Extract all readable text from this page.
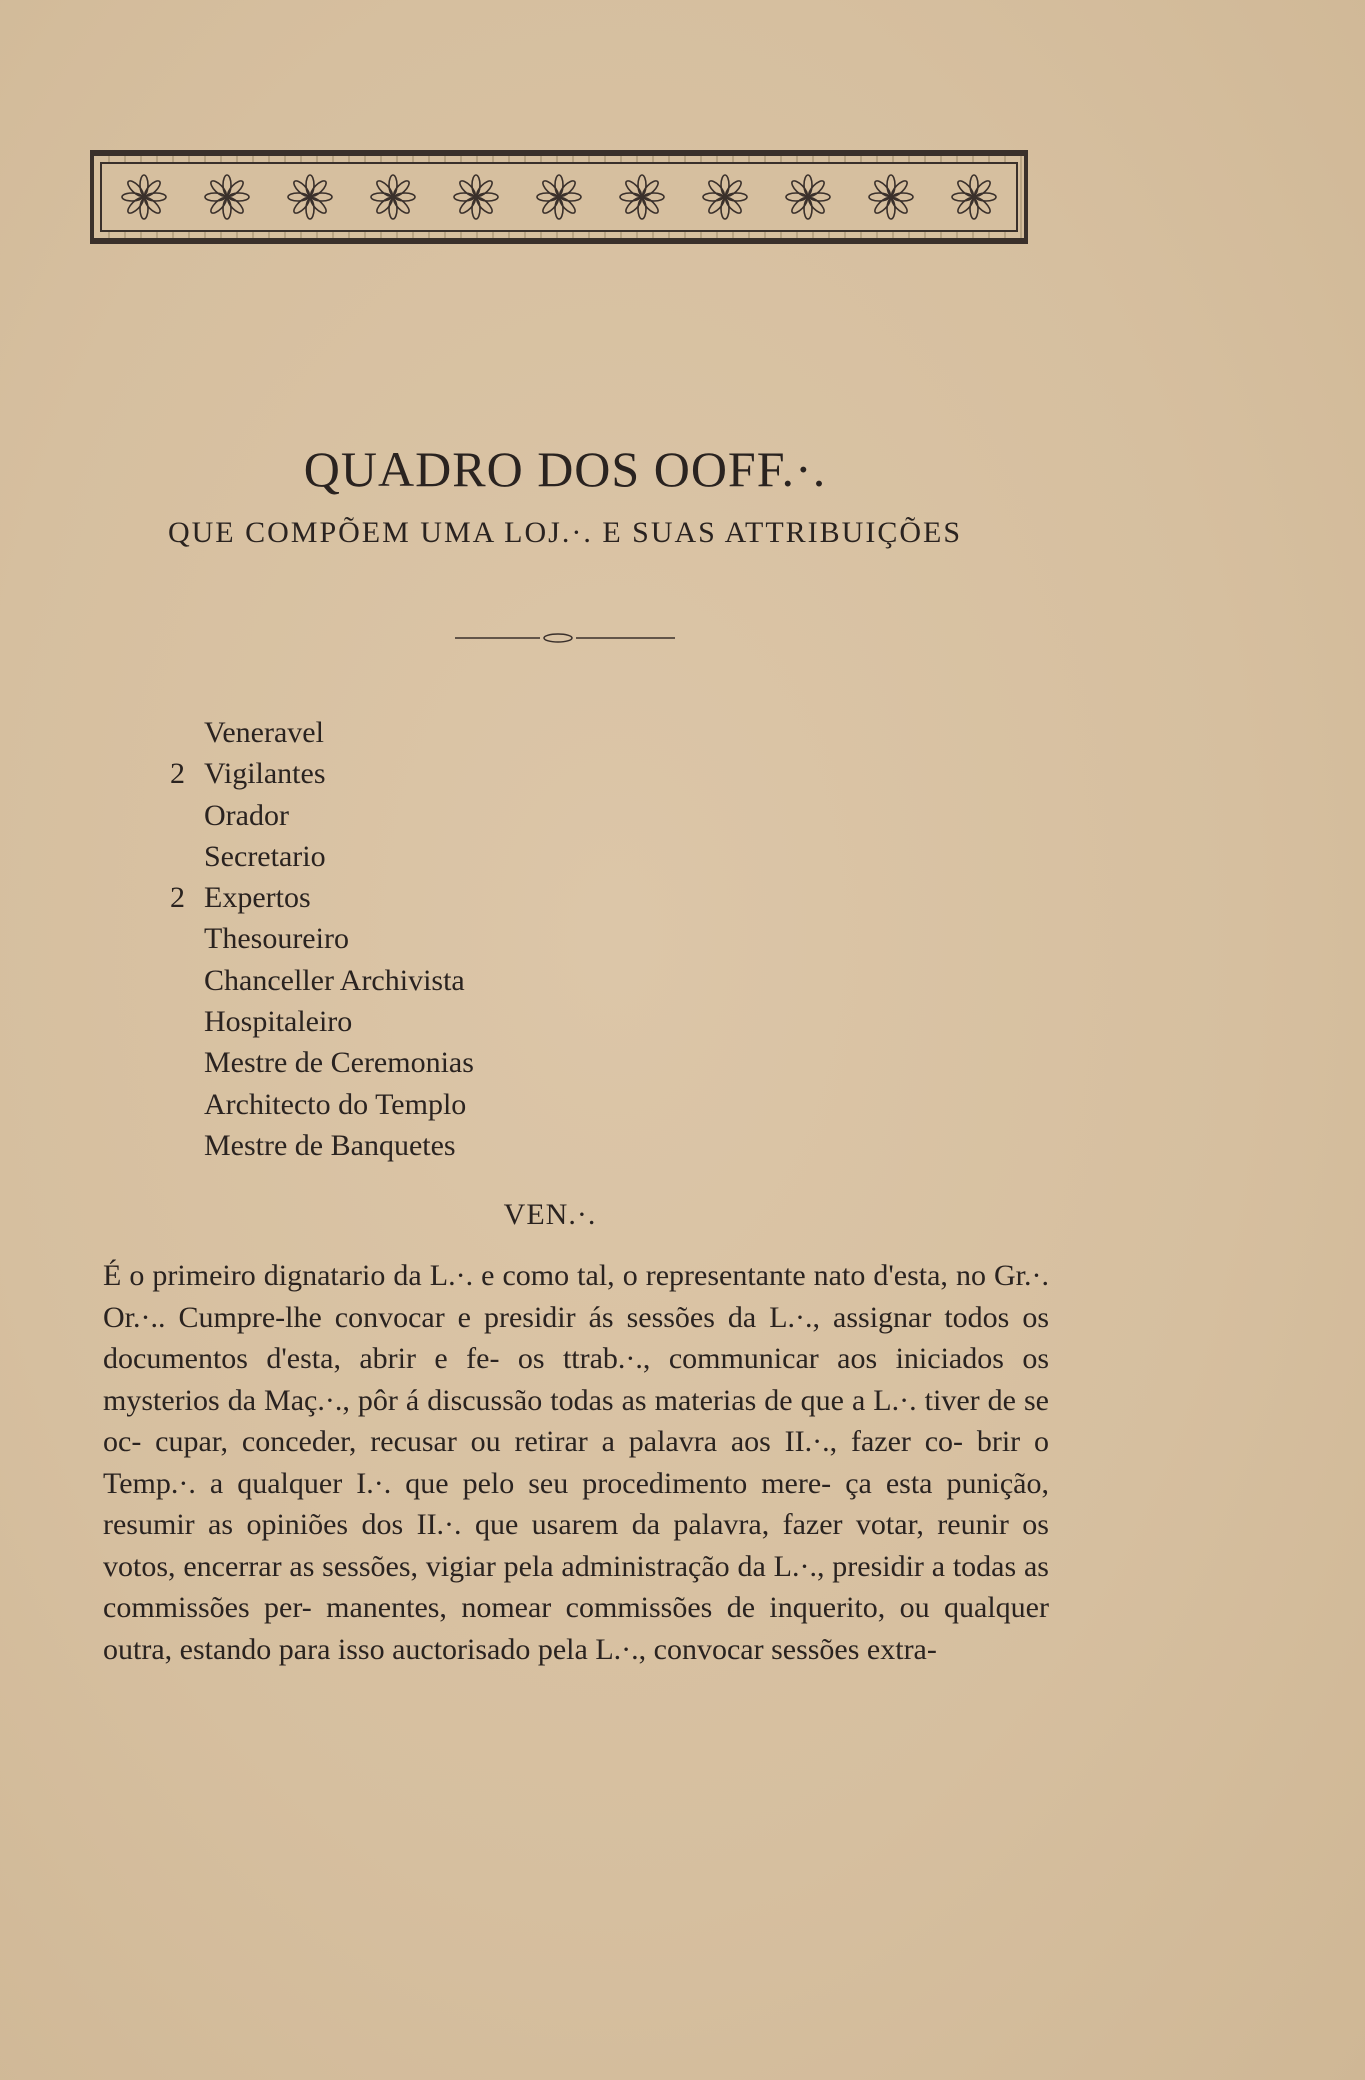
QUADRO DOS OOFF.·.
QUE COMPÕEM UMA LOJ.·. E SUAS ATTRIBUIÇÕES
Veneravel
2 Vigilantes
Orador
Secretario
2 Expertos
Thesoureiro
Chanceller Archivista
Hospitaleiro
Mestre de Ceremonias
Architecto do Templo
Mestre de Banquetes
VEN.·.

É o primeiro dignatario da L.·. e como tal, o representante nato d'esta, no Gr.·. Or.·.. Cumpre-lhe convocar e presidir ás sessões da L.·., assignar todos os documentos d'esta, abrir e fe- os ttrab.·., communicar aos iniciados os mysterios da Maç.·., pôr á discussão todas as materias de que a L.·. tiver de se oc- cupar, conceder, recusar ou retirar a palavra aos II.·., fazer co- brir o Temp.·. a qualquer I.·. que pelo seu procedimento mere- ça esta punição, resumir as opiniões dos II.·. que usarem da palavra, fazer votar, reunir os votos, encerrar as sessões, vigiar pela administração da L.·., presidir a todas as commissões per- manentes, nomear commissões de inquerito, ou qualquer outra, estando para isso auctorisado pela L.·., convocar sessões extra-
